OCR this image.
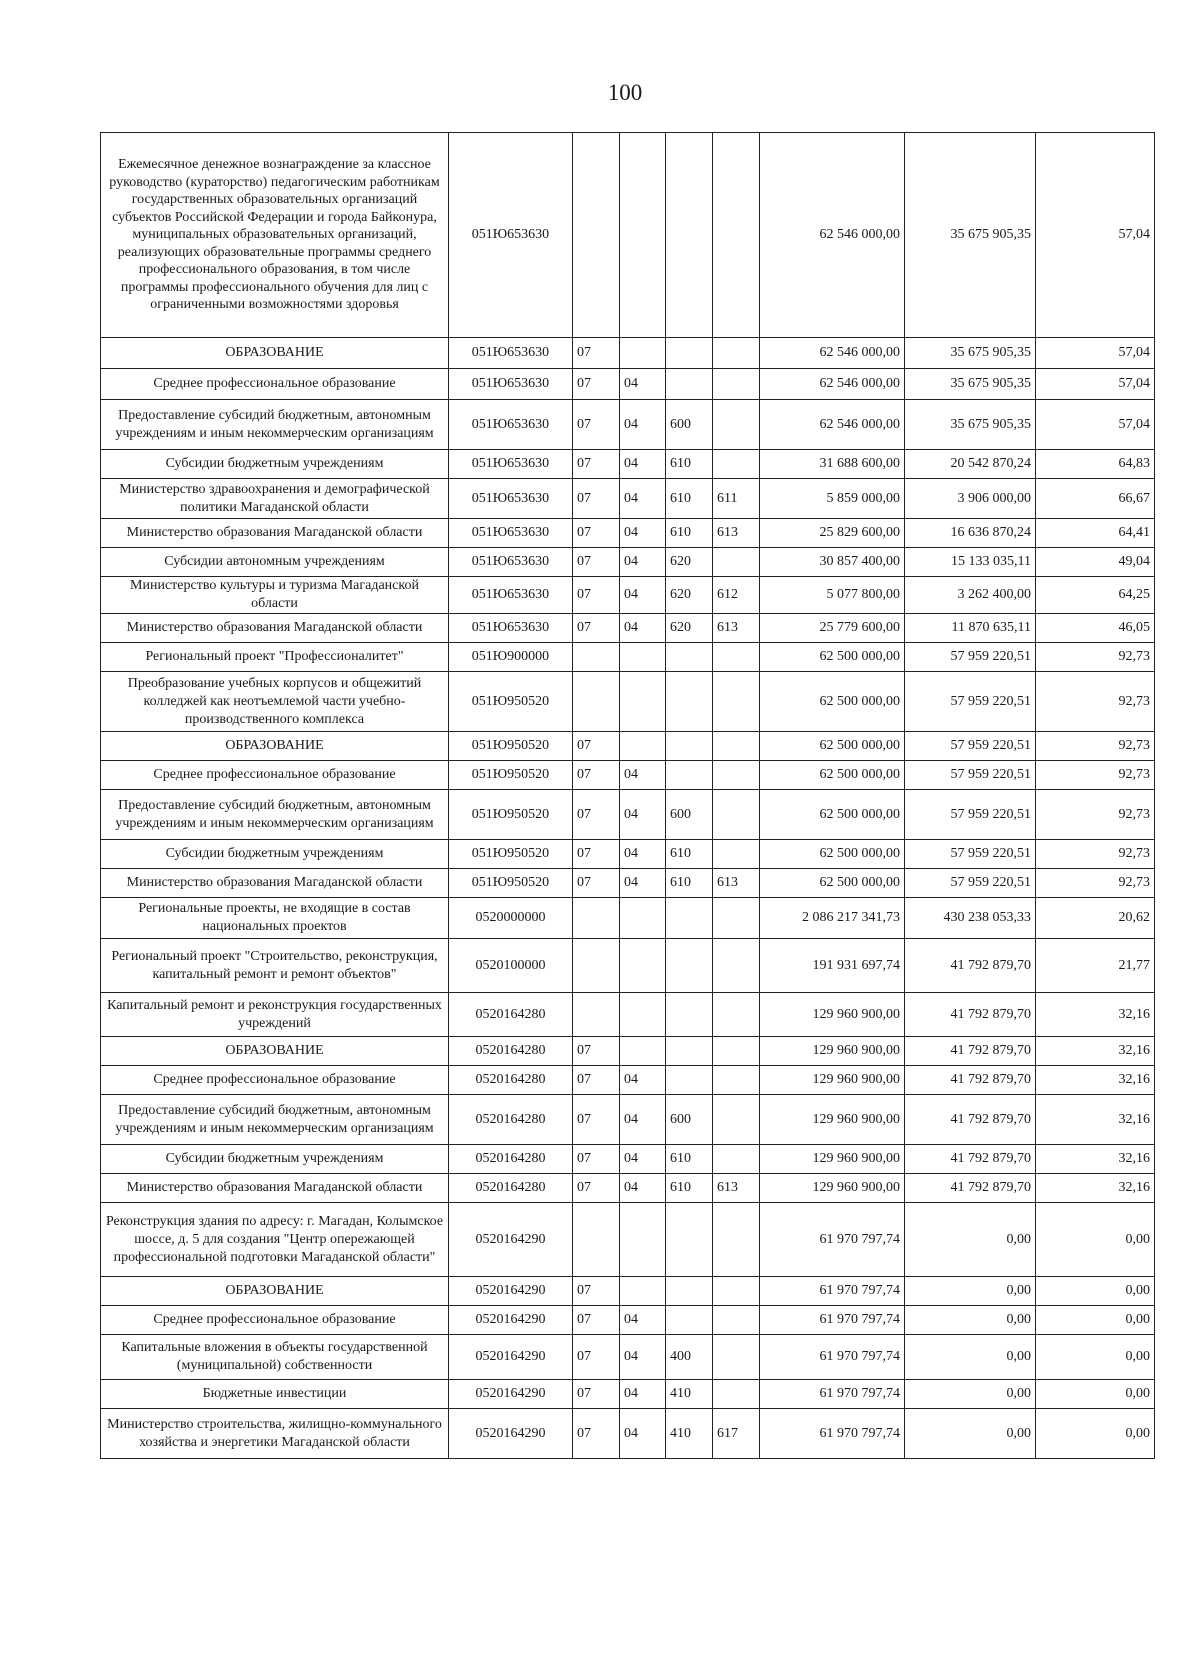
100
Ежемесячное денежное вознаграждение за классное руководство (кураторство) педагогическим работникам государственных образовательных организаций субъектов Российской Федерации и города Байконура, муниципальных образовательных организаций, реализующих образовательные программы среднего профессионального образования, в том числе программы профессионального обучения для лиц с ограниченными возможностями здоровья	051Ю653630					62 546 000,00	35 675 905,35	57,04
ОБРАЗОВАНИЕ	051Ю653630	07				62 546 000,00	35 675 905,35	57,04
Среднее профессиональное образование	051Ю653630	07	04			62 546 000,00	35 675 905,35	57,04
Предоставление субсидий бюджетным, автономным учреждениям и иным некоммерческим организациям	051Ю653630	07	04	600		62 546 000,00	35 675 905,35	57,04
Субсидии бюджетным учреждениям	051Ю653630	07	04	610		31 688 600,00	20 542 870,24	64,83
Министерство здравоохранения и демографической политики Магаданской области	051Ю653630	07	04	610	611	5 859 000,00	3 906 000,00	66,67
Министерство образования Магаданской области	051Ю653630	07	04	610	613	25 829 600,00	16 636 870,24	64,41
Субсидии автономным учреждениям	051Ю653630	07	04	620		30 857 400,00	15 133 035,11	49,04
Министерство культуры и туризма Магаданской области	051Ю653630	07	04	620	612	5 077 800,00	3 262 400,00	64,25
Министерство образования Магаданской области	051Ю653630	07	04	620	613	25 779 600,00	11 870 635,11	46,05
Региональный проект "Профессионалитет"	051Ю900000					62 500 000,00	57 959 220,51	92,73
Преобразование учебных корпусов и общежитий колледжей как неотъемлемой части учебно-производственного комплекса	051Ю950520					62 500 000,00	57 959 220,51	92,73
ОБРАЗОВАНИЕ	051Ю950520	07				62 500 000,00	57 959 220,51	92,73
Среднее профессиональное образование	051Ю950520	07	04			62 500 000,00	57 959 220,51	92,73
Предоставление субсидий бюджетным, автономным учреждениям и иным некоммерческим организациям	051Ю950520	07	04	600		62 500 000,00	57 959 220,51	92,73
Субсидии бюджетным учреждениям	051Ю950520	07	04	610		62 500 000,00	57 959 220,51	92,73
Министерство образования Магаданской области	051Ю950520	07	04	610	613	62 500 000,00	57 959 220,51	92,73
Региональные проекты, не входящие в состав национальных проектов	0520000000					2 086 217 341,73	430 238 053,33	20,62
Региональный проект "Строительство, реконструкция, капитальный ремонт и ремонт объектов"	0520100000					191 931 697,74	41 792 879,70	21,77
Капитальный ремонт и реконструкция государственных учреждений	0520164280					129 960 900,00	41 792 879,70	32,16
ОБРАЗОВАНИЕ	0520164280	07				129 960 900,00	41 792 879,70	32,16
Среднее профессиональное образование	0520164280	07	04			129 960 900,00	41 792 879,70	32,16
Предоставление субсидий бюджетным, автономным учреждениям и иным некоммерческим организациям	0520164280	07	04	600		129 960 900,00	41 792 879,70	32,16
Субсидии бюджетным учреждениям	0520164280	07	04	610		129 960 900,00	41 792 879,70	32,16
Министерство образования Магаданской области	0520164280	07	04	610	613	129 960 900,00	41 792 879,70	32,16
Реконструкция здания по адресу: г. Магадан, Колымское шоссе, д. 5 для создания "Центр опережающей профессиональной подготовки Магаданской области"	0520164290					61 970 797,74	0,00	0,00
ОБРАЗОВАНИЕ	0520164290	07				61 970 797,74	0,00	0,00
Среднее профессиональное образование	0520164290	07	04			61 970 797,74	0,00	0,00
Капитальные вложения в объекты государственной (муниципальной) собственности	0520164290	07	04	400		61 970 797,74	0,00	0,00
Бюджетные инвестиции	0520164290	07	04	410		61 970 797,74	0,00	0,00
Министерство строительства, жилищно-коммунального хозяйства и энергетики Магаданской области	0520164290	07	04	410	617	61 970 797,74	0,00	0,00
